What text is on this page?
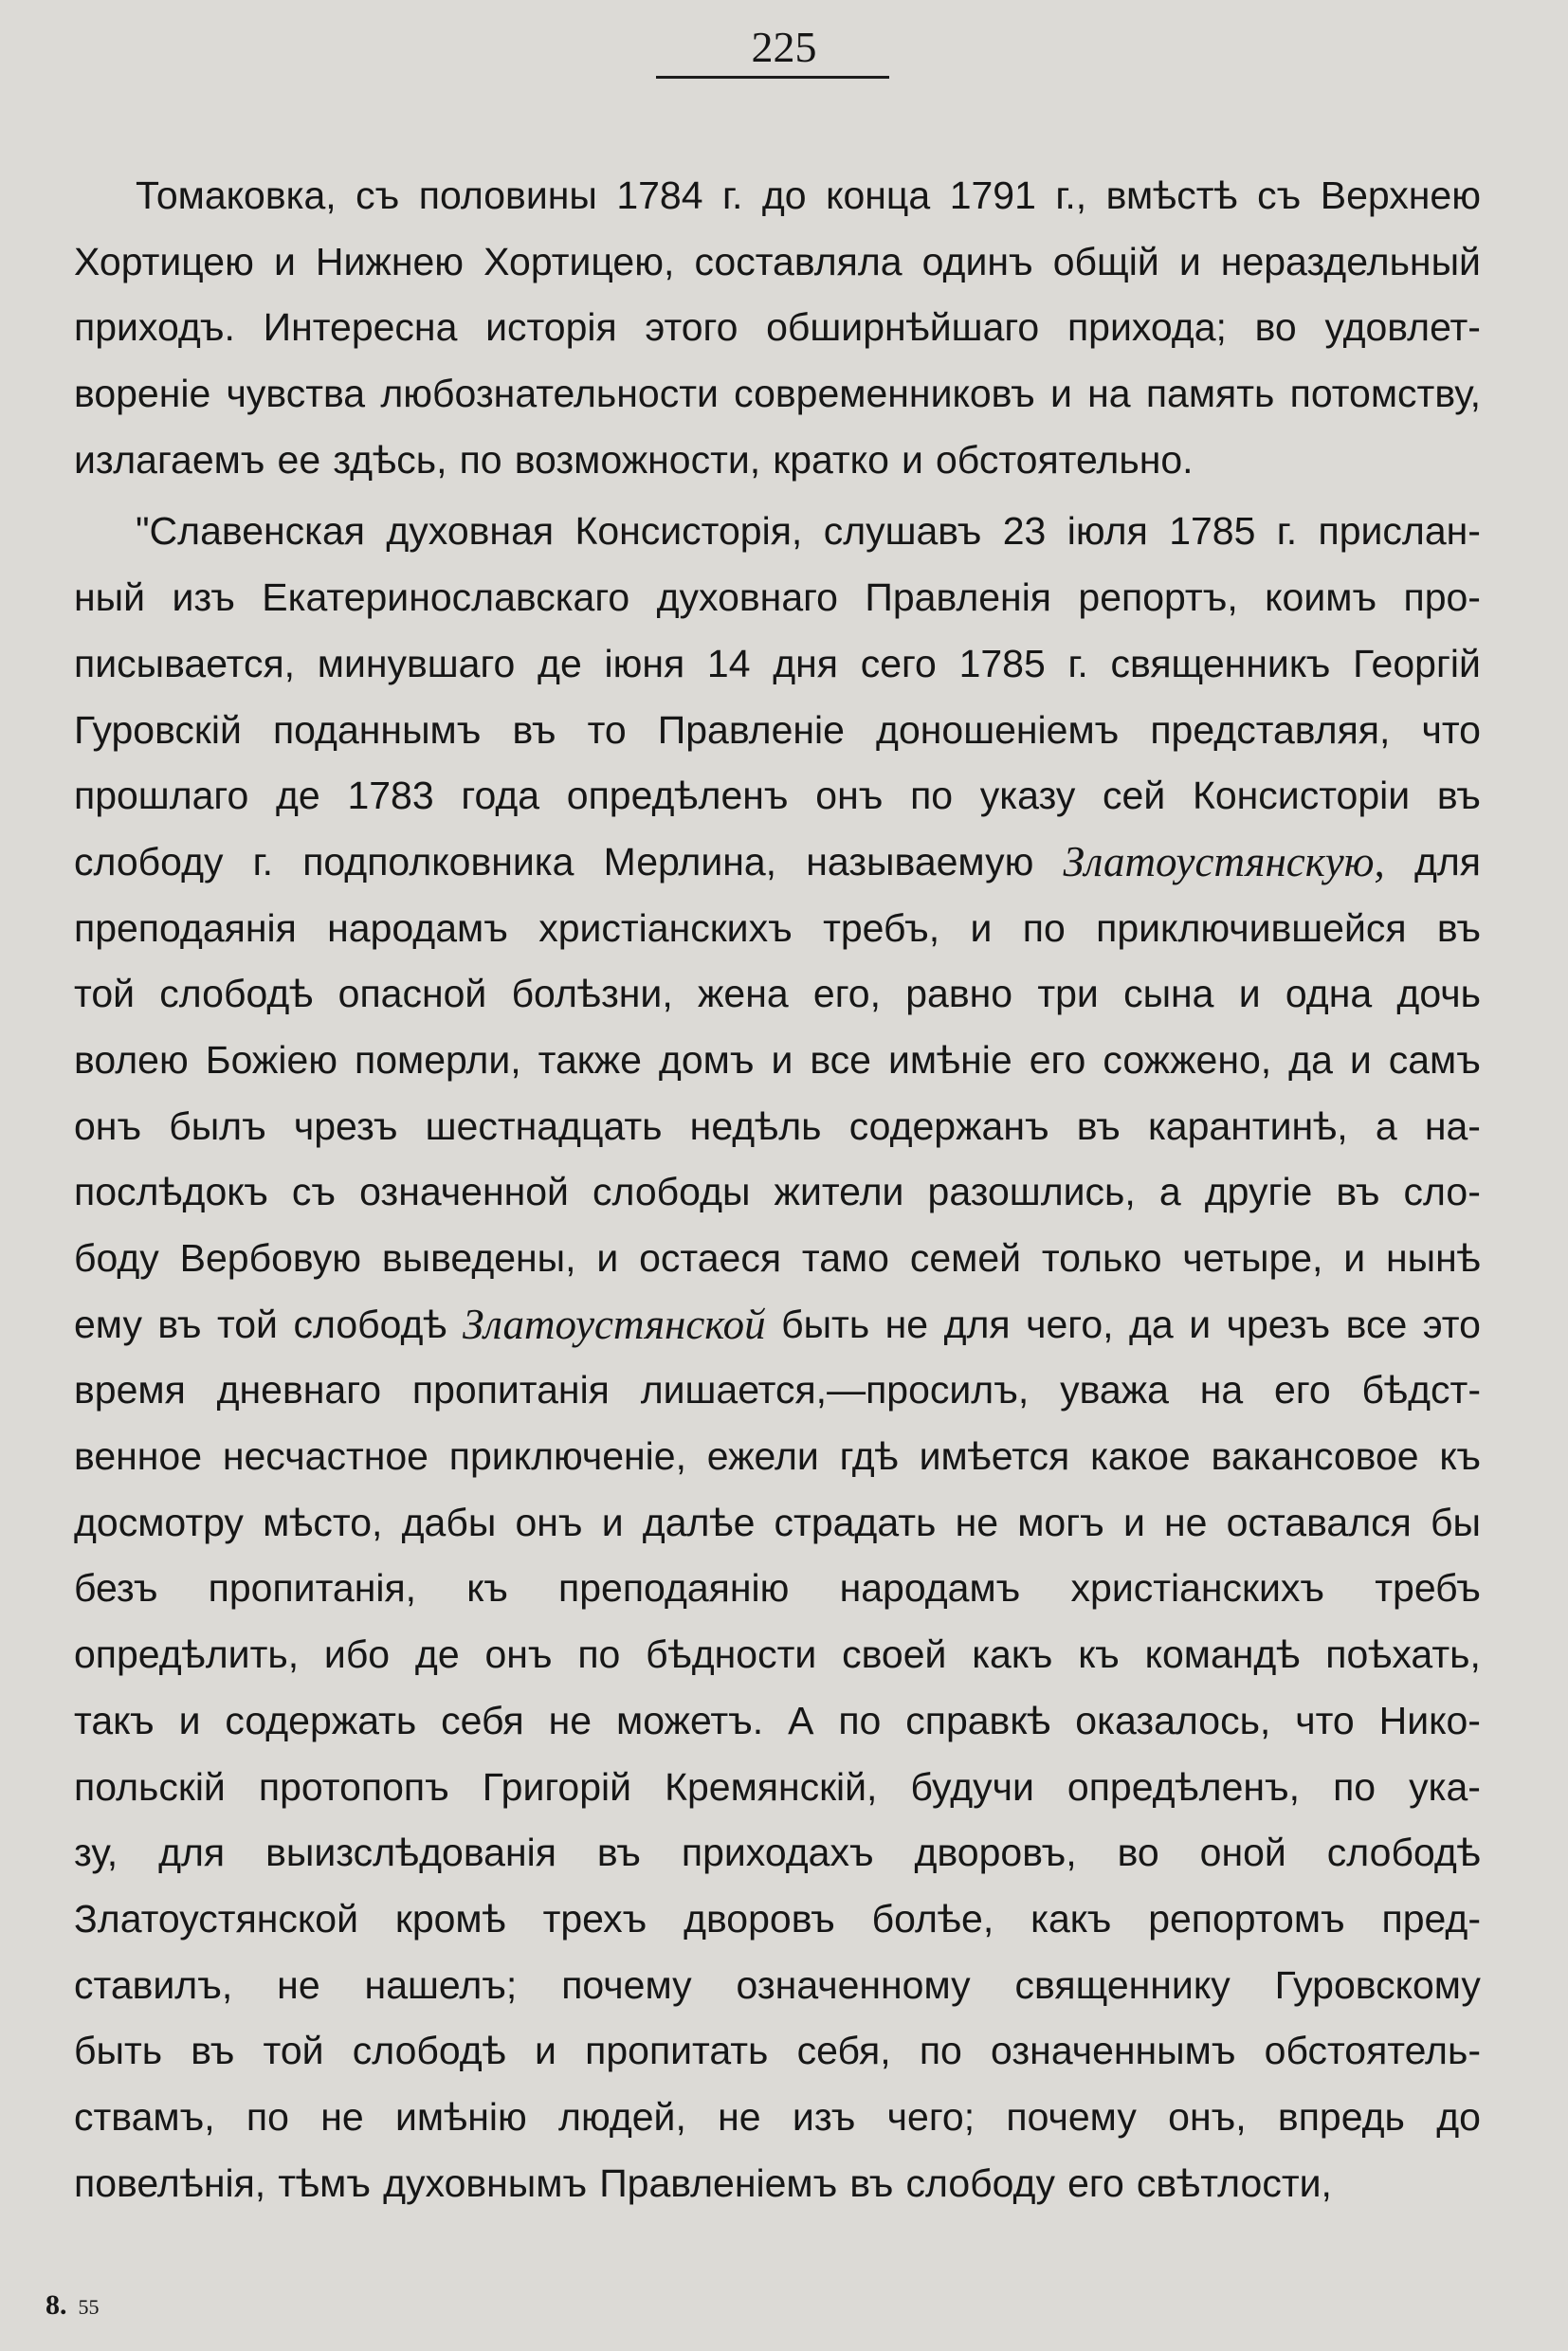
225
Томаковка, съ половины 1784 г. до конца 1791 г., вмѣстѣ съ Верхнею
Хортицею и Нижнею Хортицею, составляла одинъ общій и нераздельный
приходъ. Интересна исторія этого обширнѣйшаго прихода; во удовлет-
вореніе чувства любознательности современниковъ и на память потомству,
излагаемъ ее здѣсь, по возможности, кратко и обстоятельно.
"Славенская духовная Консисторія, слушавъ 23 іюля 1785 г. прислан-
ный изъ Екатеринославскаго духовнаго Правленія репортъ, коимъ про-
писывается, минувшаго де іюня 14 дня сего 1785 г. священникъ Георгій
Гуровскій поданнымъ въ то Правленіе доношеніемъ представляя, что
прошлаго де 1783 года опредѣленъ онъ по указу сей Консисторіи въ
слободу г. подполковника Мерлина, называемую Златоустянскую, для
преподаянія народамъ христіанскихъ требъ, и по приключившейся въ
той слободѣ опасной болѣзни, жена его, равно три сына и одна дочь
волею Божіею померли, также домъ и все имѣніе его сожжено, да и самъ
онъ былъ чрезъ шестнадцать недѣль содержанъ въ карантинѣ, а на-
послѣдокъ съ означенной слободы жители разошлись, а другіе въ сло-
боду Вербовую выведены, и остаеся тамо семей только четыре, и нынѣ
ему въ той слободѣ Златоустянской быть не для чего, да и чрезъ все это
время дневнаго пропитанія лишается,—просилъ, уважа на его бѣдст-
венное несчастное приключеніе, ежели гдѣ имѣется какое вакансовое къ
досмотру мѣсто, дабы онъ и далѣе страдать не могъ и не оставался бы
безъ пропитанія, къ преподаянію народамъ христіанскихъ требъ
опредѣлить, ибо де онъ по бѣдности своей какъ къ командѣ поѣхать,
такъ и содержать себя не можетъ. А по справкѣ оказалось, что Нико-
польскій протопопъ Григорій Кремянскій, будучи опредѣленъ, по ука-
зу, для выизслѣдованія въ приходахъ дворовъ, во оной слободѣ
Златоустянской кромѣ трехъ дворовъ болѣе, какъ репортомъ пред-
ставилъ, не нашелъ; почему означенному священнику Гуровскому
быть въ той слободѣ и пропитать себя, по означеннымъ обстоятель-
ствамъ, по не имѣнію людей, не изъ чего; почему онъ, впредь до
повелѣнія, тѣмъ духовнымъ Правленіемъ въ слободу его свѣтлости,
8. 55
